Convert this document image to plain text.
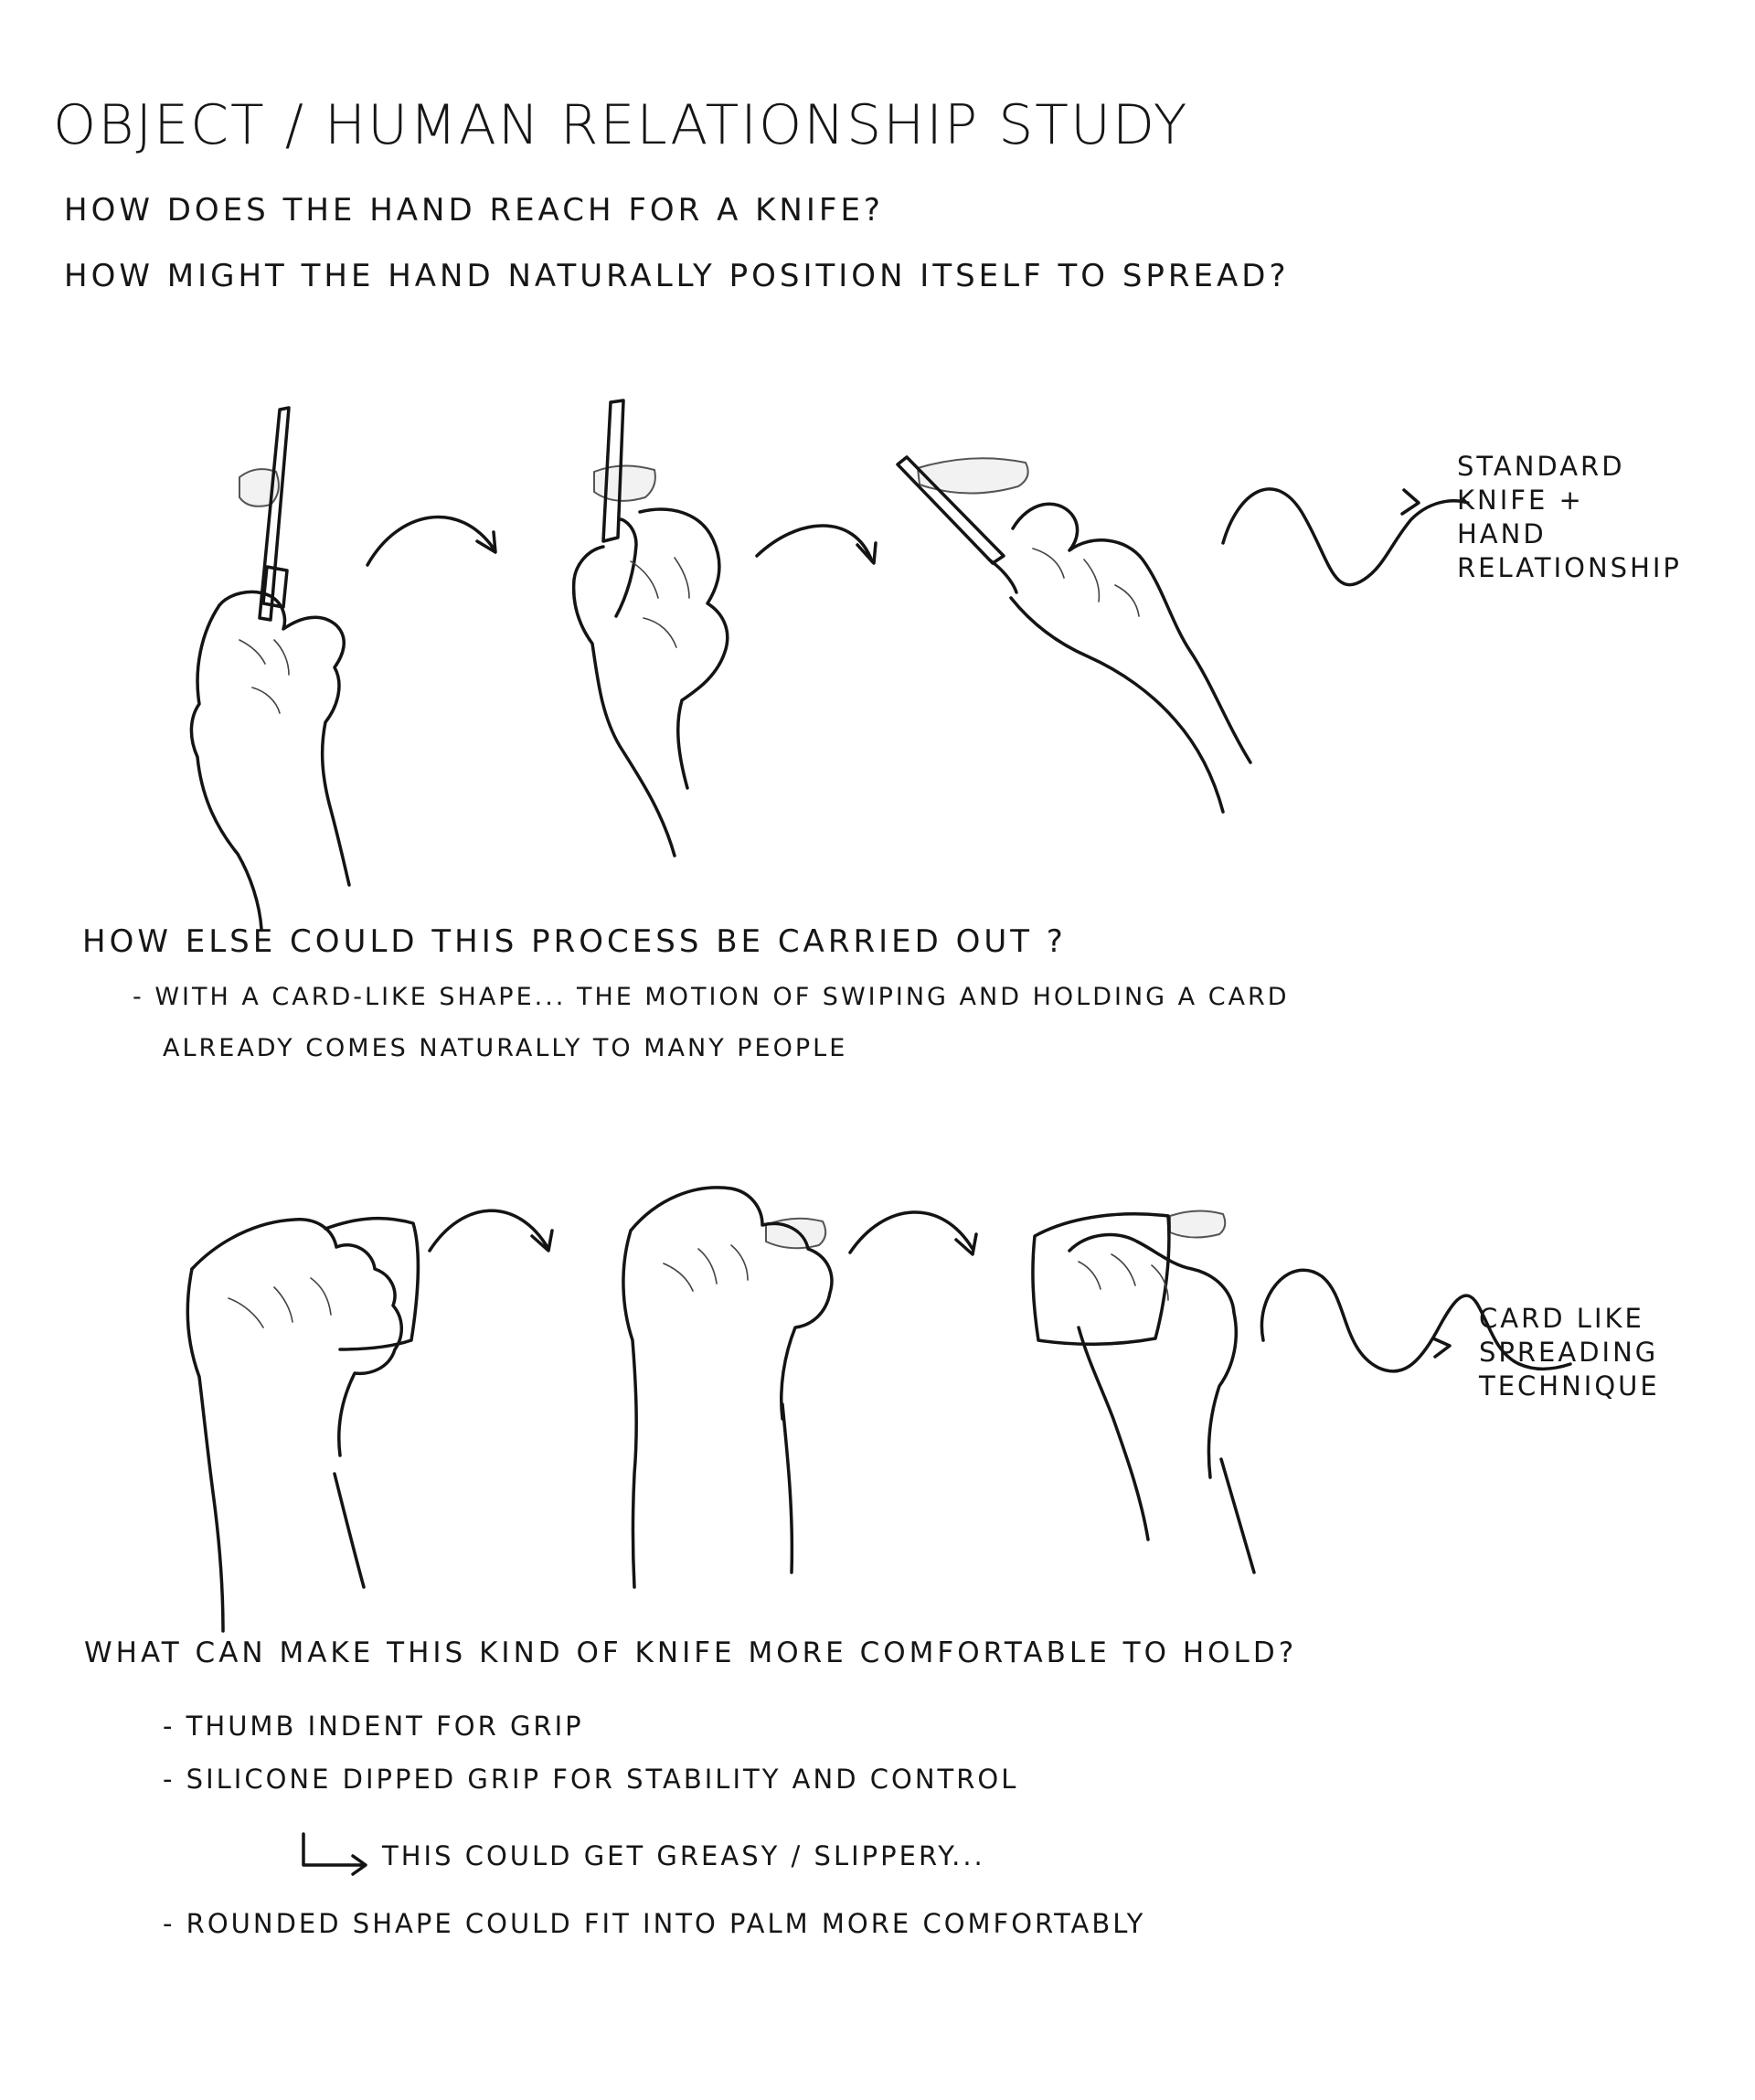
OBJECT / HUMAN RELATIONSHIP STUDY
HOW DOES THE HAND REACH FOR A KNIFE?
HOW MIGHT THE HAND NATURALLY POSITION ITSELF TO SPREAD?
STANDARD
KNIFE +
HAND
RELATIONSHIP
HOW ELSE COULD THIS PROCESS BE CARRIED OUT ?
- WITH A CARD-LIKE SHAPE... THE MOTION OF SWIPING AND HOLDING A CARD
ALREADY COMES NATURALLY TO MANY PEOPLE
CARD LIKE
SPREADING
TECHNIQUE
WHAT CAN MAKE THIS KIND OF KNIFE MORE COMFORTABLE TO HOLD?
- THUMB INDENT FOR GRIP
- SILICONE DIPPED GRIP FOR STABILITY AND CONTROL
THIS COULD GET GREASY / SLIPPERY...
- ROUNDED SHAPE COULD FIT INTO PALM MORE COMFORTABLY
